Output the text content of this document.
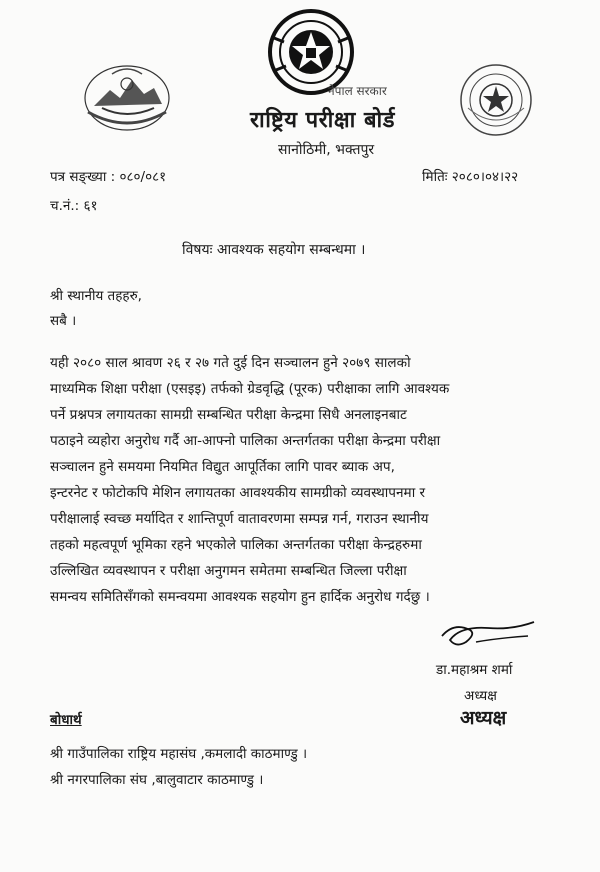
नेपाल सरकार
राष्ट्रिय परीक्षा बोर्ड
सानोठिमी, भक्तपुर
पत्र सङ्ख्या : ०८०/०८१	मितिः २०८०।०४।२२
च.नं.: ६१
विषयः आवश्यक सहयोग सम्बन्धमा ।
श्री स्थानीय तहहरु,
सबै ।
यही २०८० साल श्रावण २६ र २७ गते दुई दिन सञ्चालन हुने २०७९ सालको
माध्यमिक शिक्षा परीक्षा (एसइइ) तर्फको ग्रेडवृद्धि (पूरक) परीक्षाका लागि आवश्यक
पर्ने प्रश्नपत्र लगायतका सामग्री सम्बन्धित परीक्षा केन्द्रमा सिधै अनलाइनबाट
पठाइने व्यहोरा अनुरोध गर्दै आ-आफ्नो पालिका अन्तर्गतका परीक्षा केन्द्रमा परीक्षा
सञ्चालन हुने समयमा नियमित विद्युत आपूर्तिका लागि पावर ब्याक अप,
इन्टरनेट र फोटोकपि मेशिन लगायतका आवश्यकीय सामग्रीको व्यवस्थापनमा र
परीक्षालाई स्वच्छ मर्यादित र शान्तिपूर्ण वातावरणमा सम्पन्न गर्न, गराउन स्थानीय
तहको महत्वपूर्ण भूमिका रहने भएकोले पालिका अन्तर्गतका परीक्षा केन्द्रहरुमा
उल्लिखित व्यवस्थापन र परीक्षा अनुगमन समेतमा सम्बन्धित जिल्ला परीक्षा
समन्वय समितिसँगको समन्वयमा आवश्यक सहयोग हुन हार्दिक अनुरोध गर्दछु ।
डा.महाश्रम शर्मा
अध्यक्ष
अध्यक्ष
बोधार्थ
श्री गाउँपालिका राष्ट्रिय महासंघ ,कमलादी काठमाण्डु ।
श्री नगरपालिका संघ ,बालुवाटार काठमाण्डु ।
